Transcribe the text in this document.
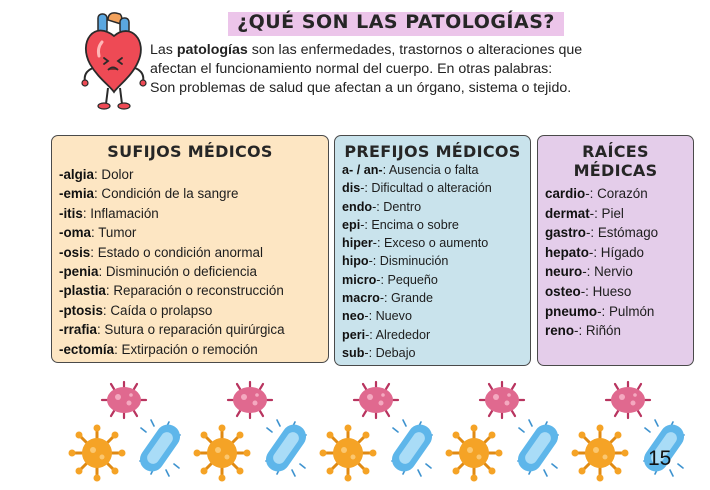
¿QUÉ SON LAS PATOLOGÍAS?
Las patologías son las enfermedades, trastornos o alteraciones que
afectan el funcionamiento normal del cuerpo. En otras palabras:
Son problemas de salud que afectan a un órgano, sistema o tejido.
SUFIJOS MÉDICOS
-algia: Dolor
-emia: Condición de la sangre
-itis: Inflamación
-oma: Tumor
-osis: Estado o condición anormal
-penia: Disminución o deficiencia
-plastia: Reparación o reconstrucción
-ptosis: Caída o prolapso
-rrafia: Sutura o reparación quirúrgica
-ectomía: Extirpación o remoción
PREFIJOS MÉDICOS
a- / an-: Ausencia o falta
dis-: Dificultad o alteración
endo-: Dentro
epi-: Encima o sobre
hiper-: Exceso o aumento
hipo-: Disminución
micro-: Pequeño
macro-: Grande
neo-: Nuevo
peri-: Alrededor
sub-: Debajo
RAÍCES MÉDICAS
cardio-: Corazón
dermat-: Piel
gastro-: Estómago
hepato-: Hígado
neuro-: Nervio
osteo-: Hueso
pneumo-: Pulmón
reno-: Riñón
15
